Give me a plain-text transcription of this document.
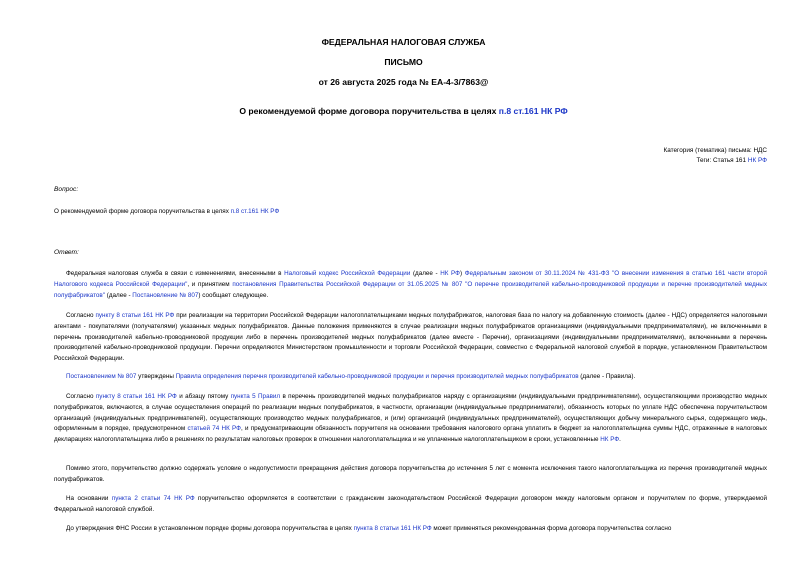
ФЕДЕРАЛЬНАЯ НАЛОГОВАЯ СЛУЖБА
ПИСЬМО
от 26 августа 2025 года № ЕА-4-3/7863@
О рекомендуемой форме договора поручительства в целях п.8 ст.161 НК РФ
Категория (тематика) письма: НДС
Теги: Статья 161 НК РФ
Вопрос:
О рекомендуемой форме договора поручительства в целях п.8 ст.161 НК РФ
Ответ:
Федеральная налоговая служба в связи с изменениями, внесенными в Налоговый кодекс Российской Федерации (далее - НК РФ) Федеральным законом от 30.11.2024 № 431-ФЗ "О внесении изменения в статью 161 части второй Налогового кодекса Российской Федерации", и принятием постановления Правительства Российской Федерации от 31.05.2025 № 807 "О перечне производителей кабельно-проводниковой продукции и перечне производителей медных полуфабрикатов" (далее - Постановление № 807) сообщает следующее.
Согласно пункту 8 статьи 161 НК РФ при реализации на территории Российской Федерации налогоплательщиками медных полуфабрикатов, налоговая база по налогу на добавленную стоимость (далее - НДС) определяется налоговыми агентами - покупателями (получателями) указанных медных полуфабрикатов. Данные положения применяются в случае реализации медных полуфабрикатов организациями (индивидуальными предпринимателями), не включенными в перечень производителей кабельно-проводниковой продукции либо в перечень производителей медных полуфабрикатов (далее вместе - Перечни), организациями (индивидуальными предпринимателями), включенными в перечень производителей кабельно-проводниковой продукции. Перечни определяются Министерством промышленности и торговли Российской Федерации, совместно с Федеральной налоговой службой в порядке, установленном Правительством Российской Федерации.
Постановлением № 807 утверждены Правила определения перечня производителей кабельно-проводниковой продукции и перечня производителей медных полуфабрикатов (далее - Правила).
Согласно пункту 8 статьи 161 НК РФ и абзацу пятому пункта 5 Правил в перечень производителей медных полуфабрикатов наряду с организациями (индивидуальными предпринимателями), осуществляющими производство медных полуфабрикатов, включаются, в случае осуществления операций по реализации медных полуфабрикатов, в частности, организации (индивидуальные предприниматели), обязанность которых по уплате НДС обеспечена поручительством организаций (индивидуальных предпринимателей), осуществляющих производство медных полуфабрикатов, и (или) организаций (индивидуальных предпринимателей), осуществляющих добычу минерального сырья, содержащего медь, оформленным в порядке, предусмотренном статьей 74 НК РФ, и предусматривающим обязанность поручителя на основании требования налогового органа уплатить в бюджет за налогоплательщика суммы НДС, отраженные в налоговых декларациях налогоплательщика либо в решениях по результатам налоговых проверок в отношении налогоплательщика и не уплаченные налогоплательщиком в сроки, установленные НК РФ.
Помимо этого, поручительство должно содержать условие о недопустимости прекращения действия договора поручительства до истечения 5 лет с момента исключения такого налогоплательщика из перечня производителей медных полуфабрикатов.
На основании пункта 2 статьи 74 НК РФ поручительство оформляется в соответствии с гражданским законодательством Российской Федерации договором между налоговым органом и поручителем по форме, утверждаемой Федеральной налоговой службой.
До утверждения ФНС России в установленном порядке формы договора поручительства в целях пункта 8 статьи 161 НК РФ может применяться рекомендованная форма договора поручительства согласно
